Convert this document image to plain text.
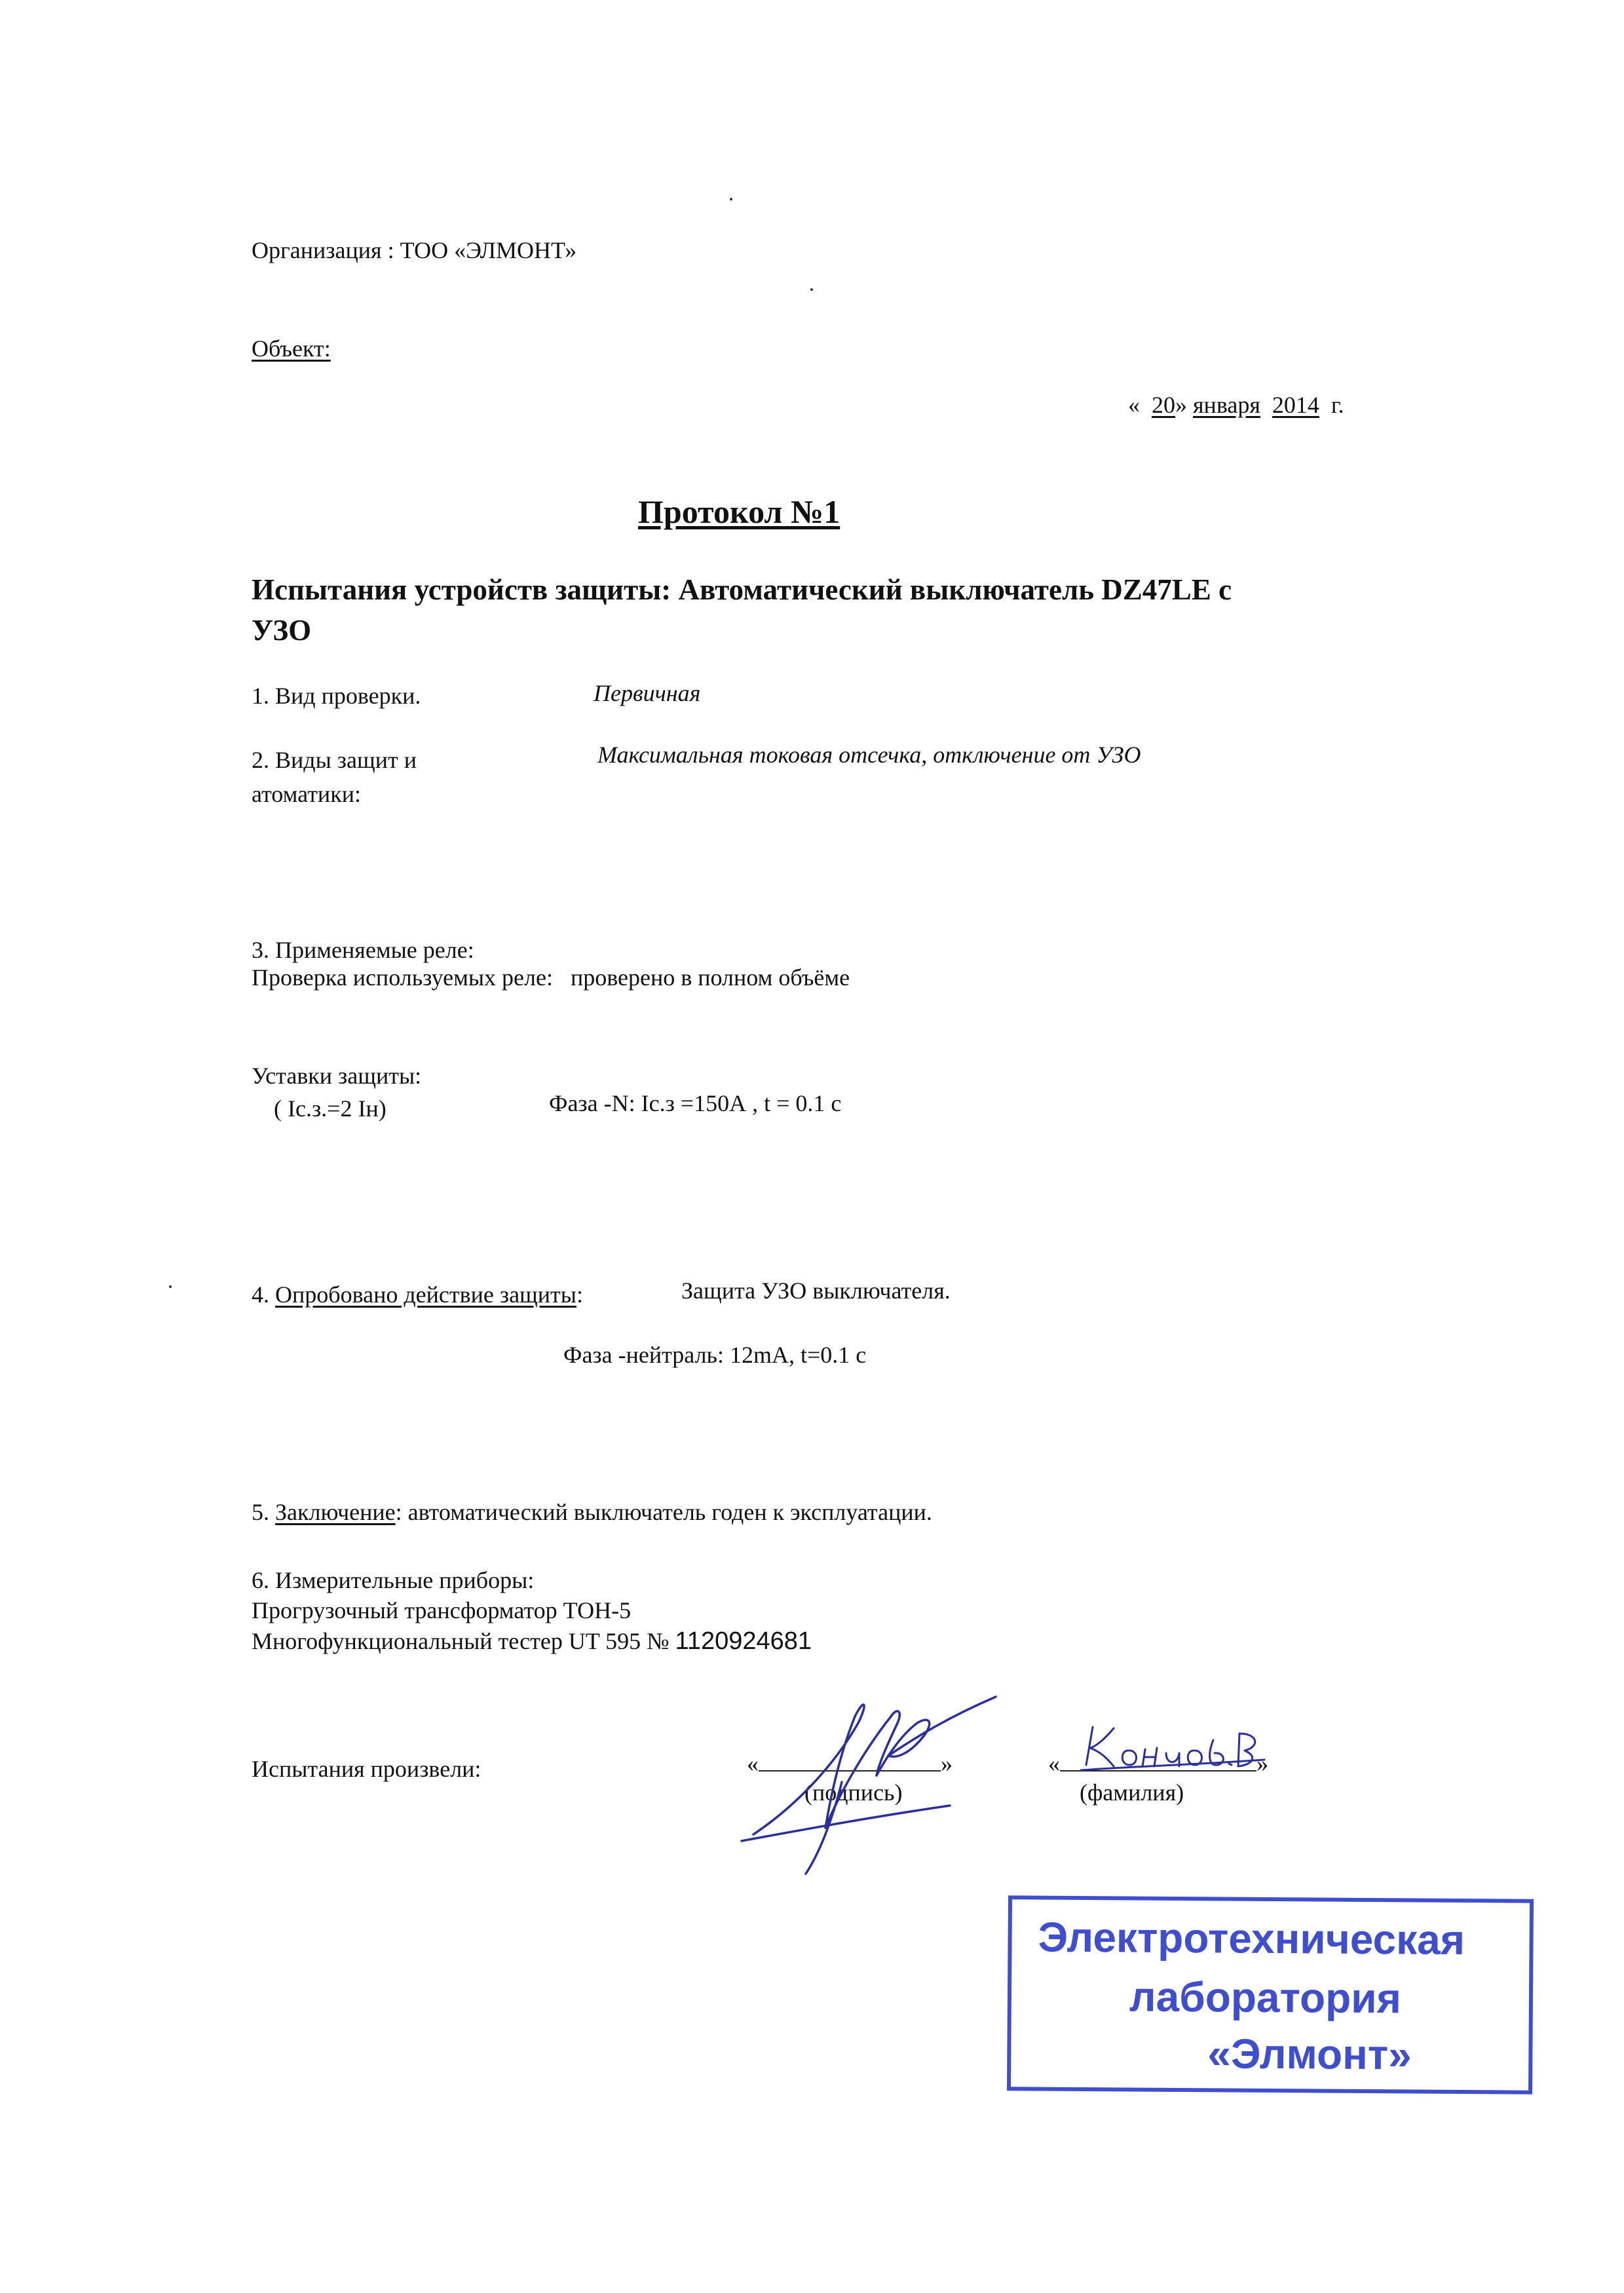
Организация : ТОО «ЭЛМОНТ»
Объект:
« 20» января 2014 г.
Протокол №1
Испытания устройств защиты: Автоматический выключатель DZ47LE с
УЗО
1. Вид проверки.	Первичная
2. Виды защит и
атоматики:
Максимальная токовая отсечка, отключение от УЗО
3. Применяемые реле:
Проверка используемых реле: проверено в полном объёме
Уставки защиты:
( Iс.з.=2 Iн)	Фаза -N: Iс.з =150А , t = 0.1 с
4. Опробовано действие защиты:	Защита УЗО выключателя.
Фаза -нейтраль: 12mA, t=0.1 с
5. Заключение: автоматический выключатель годен к эксплуатации.
6. Измерительные приборы:
Прогрузочный трансформатор ТОН-5
Многофункциональный тестер UT 595 № 1120924681
Испытания произвели:	«	»
(подпись)
«	»
(фамилия)
Электротехническая
лаборатория
«Элмонт»
